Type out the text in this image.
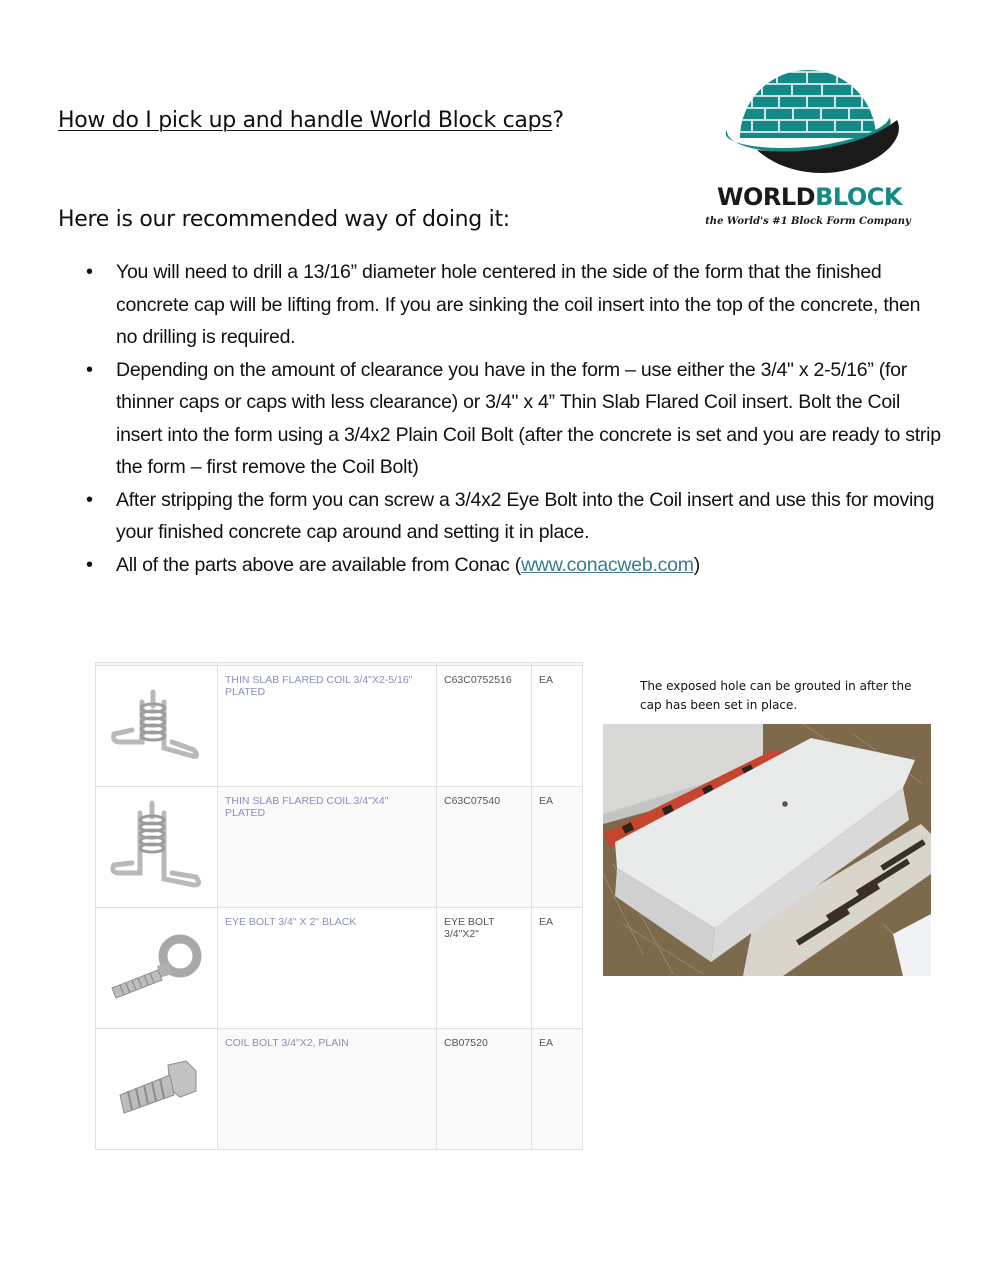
How do I pick up and handle World Block caps?
Here is our recommended way of doing it:
WORLDBLOCK
the World's #1 Block Form Company
• You will need to drill a 13/16” diameter hole centered in the side of the form that the finished concrete cap will be lifting from. If you are sinking the coil insert into the top of the concrete, then no drilling is required.
• Depending on the amount of clearance you have in the form – use either the 3/4" x 2-5/16” (for thinner caps or caps with less clearance) or 3/4" x 4” Thin Slab Flared Coil insert. Bolt the Coil insert into the form using a 3/4x2 Plain Coil Bolt (after the concrete is set and you are ready to strip the form – first remove the Coil Bolt)
• After stripping the form you can screw a 3/4x2 Eye Bolt into the Coil insert and use this for moving your finished concrete cap around and setting it in place.
• All of the parts above are available from Conac (www.conacweb.com)

	THIN SLAB FLARED COIL 3/4"X2-5/16" PLATED	C63C0752516	EA
	THIN SLAB FLARED COIL 3/4"X4" PLATED	C63C07540	EA
	EYE BOLT 3/4" X 2" BLACK	EYE BOLT 3/4"X2"	EA
	COIL BOLT 3/4"X2, PLAIN	CB07520	EA
The exposed hole can be grouted in after the cap has been set in place.
